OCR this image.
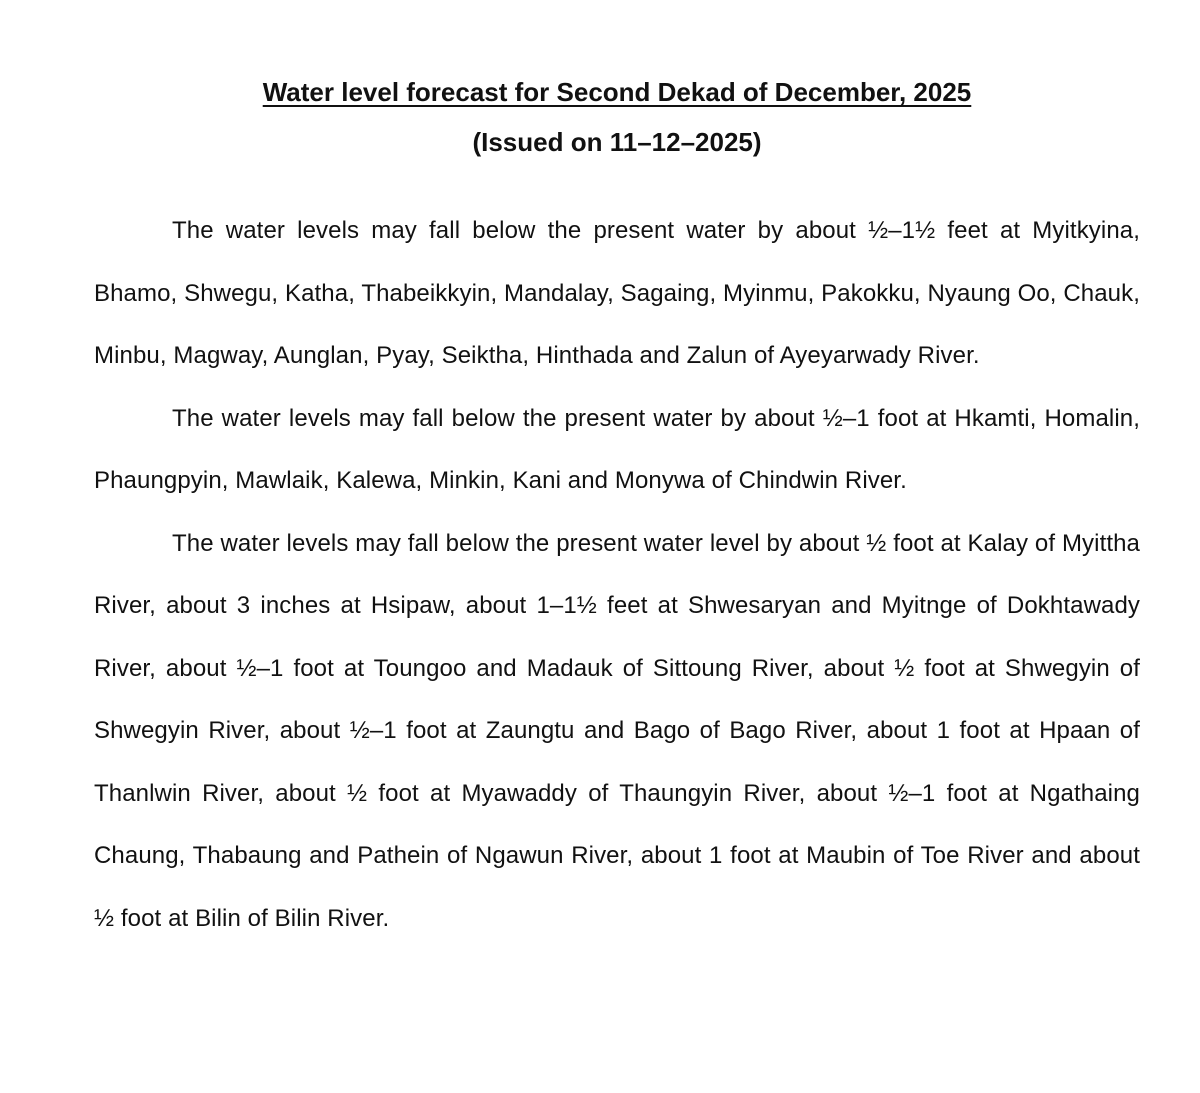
Water level forecast for Second Dekad of December, 2025
(Issued on 11–12–2025)

The water levels may fall below the present water by about ½–1½ feet at Myitkyina, Bhamo, Shwegu, Katha, Thabeikkyin, Mandalay, Sagaing, Myinmu, Pakokku, Nyaung Oo, Chauk, Minbu, Magway, Aunglan, Pyay, Seiktha, Hinthada and Zalun of Ayeyarwady River.

The water levels may fall below the present water by about ½–1 foot at Hkamti, Homalin, Phaungpyin, Mawlaik, Kalewa, Minkin, Kani and Monywa of Chindwin River.

The water levels may fall below the present water level by about ½ foot at Kalay of Myittha River, about 3 inches at Hsipaw, about 1–1½ feet at Shwesaryan and Myitnge of Dokhtawady River, about ½–1 foot at Toungoo and Madauk of Sittoung River, about ½ foot at Shwegyin of Shwegyin River, about ½–1 foot at Zaungtu and Bago of Bago River, about 1 foot at Hpaan of Thanlwin River, about ½ foot at Myawaddy of Thaungyin River, about ½–1 foot at Ngathaing Chaung, Thabaung and Pathein of Ngawun River, about 1 foot at Maubin of Toe River and about ½ foot at Bilin of Bilin River.
